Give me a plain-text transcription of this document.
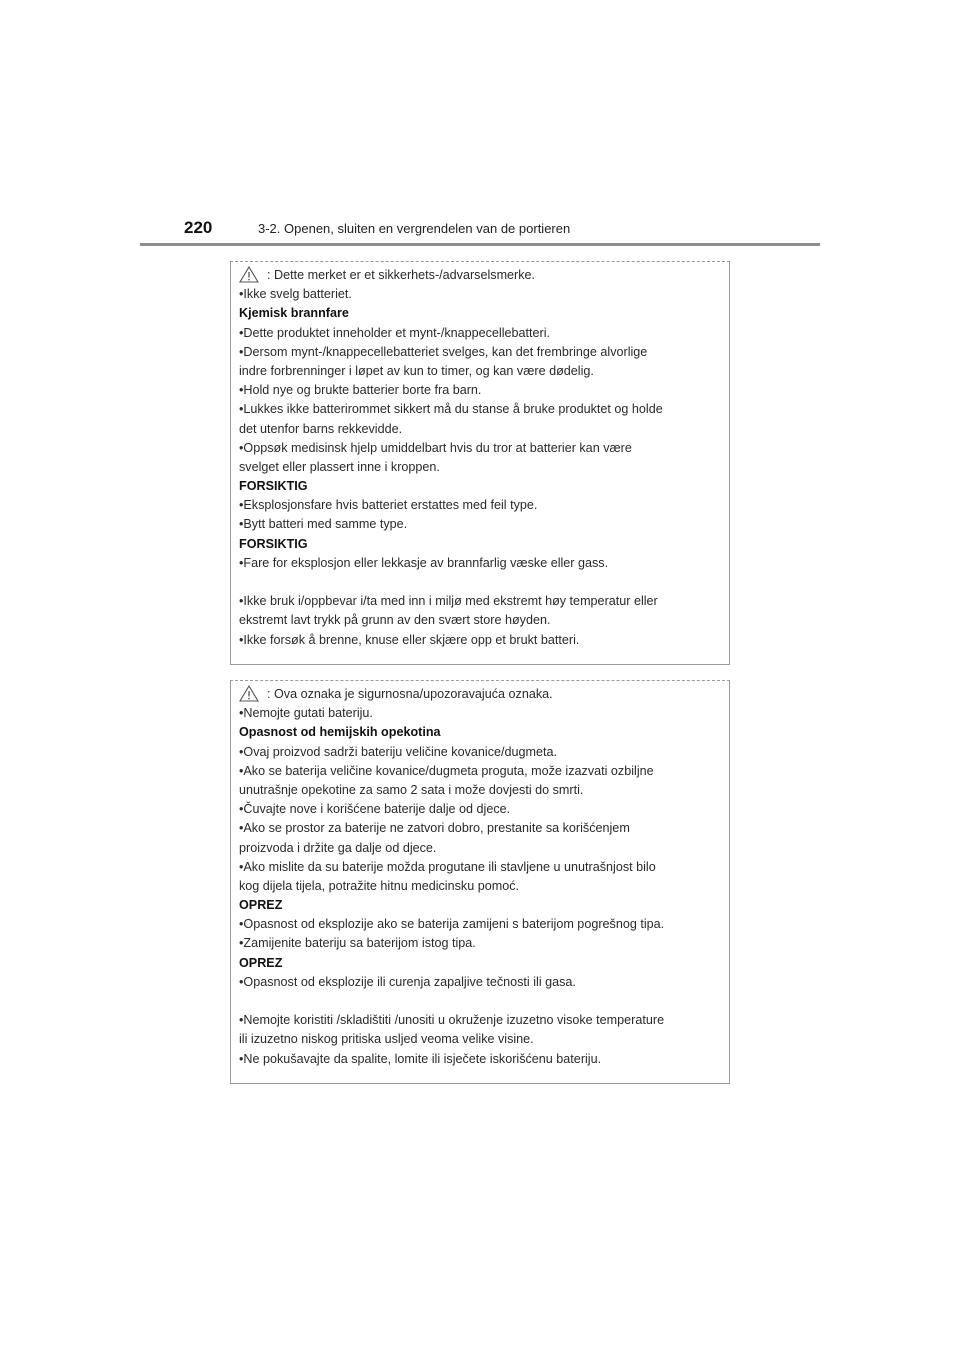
220	3-2. Openen, sluiten en vergrendelen van de portieren
: Dette merket er et sikkerhets-/advarselsmerke.
•Ikke svelg batteriet.
Kjemisk brannfare
•Dette produktet inneholder et mynt-/knappecellebatteri.
•Dersom mynt-/knappecellebatteriet svelges, kan det frembringe alvorlige
indre forbrenninger i løpet av kun to timer, og kan være dødelig.
•Hold nye og brukte batterier borte fra barn.
•Lukkes ikke batterirommet sikkert må du stanse å bruke produktet og holde
det utenfor barns rekkevidde.
•Oppsøk medisinsk hjelp umiddelbart hvis du tror at batterier kan være
svelget eller plassert inne i kroppen.
FORSIKTIG
•Eksplosjonsfare hvis batteriet erstattes med feil type.
•Bytt batteri med samme type.
FORSIKTIG
•Fare for eksplosjon eller lekkasje av brannfarlig væske eller gass.
•Ikke bruk i/oppbevar i/ta med inn i miljø med ekstremt høy temperatur eller
ekstremt lavt trykk på grunn av den svært store høyden.
•Ikke forsøk å brenne, knuse eller skjære opp et brukt batteri.
: Ova oznaka je sigurnosna/upozoravajuća oznaka.
•Nemojte gutati bateriju.
Opasnost od hemijskih opekotina
•Ovaj proizvod sadrži bateriju veličine kovanice/dugmeta.
•Ako se baterija veličine kovanice/dugmeta proguta, može izazvati ozbiljne
unutrašnje opekotine za samo 2 sata i može dovjesti do smrti.
•Čuvajte nove i korišćene baterije dalje od djece.
•Ako se prostor za baterije ne zatvori dobro, prestanite sa korišćenjem
proizvoda i držite ga dalje od djece.
•Ako mislite da su baterije možda progutane ili stavljene u unutrašnjost bilo
kog dijela tijela, potražite hitnu medicinsku pomoć.
OPREZ
•Opasnost od eksplozije ako se baterija zamijeni s baterijom pogrešnog tipa.
•Zamijenite bateriju sa baterijom istog tipa.
OPREZ
•Opasnost od eksplozije ili curenja zapaljive tečnosti ili gasa.
•Nemojte koristiti /skladištiti /unositi u okruženje izuzetno visoke temperature
ili izuzetno niskog pritiska usljed veoma velike visine.
•Ne pokušavajte da spalite, lomite ili isječete iskorišćenu bateriju.
